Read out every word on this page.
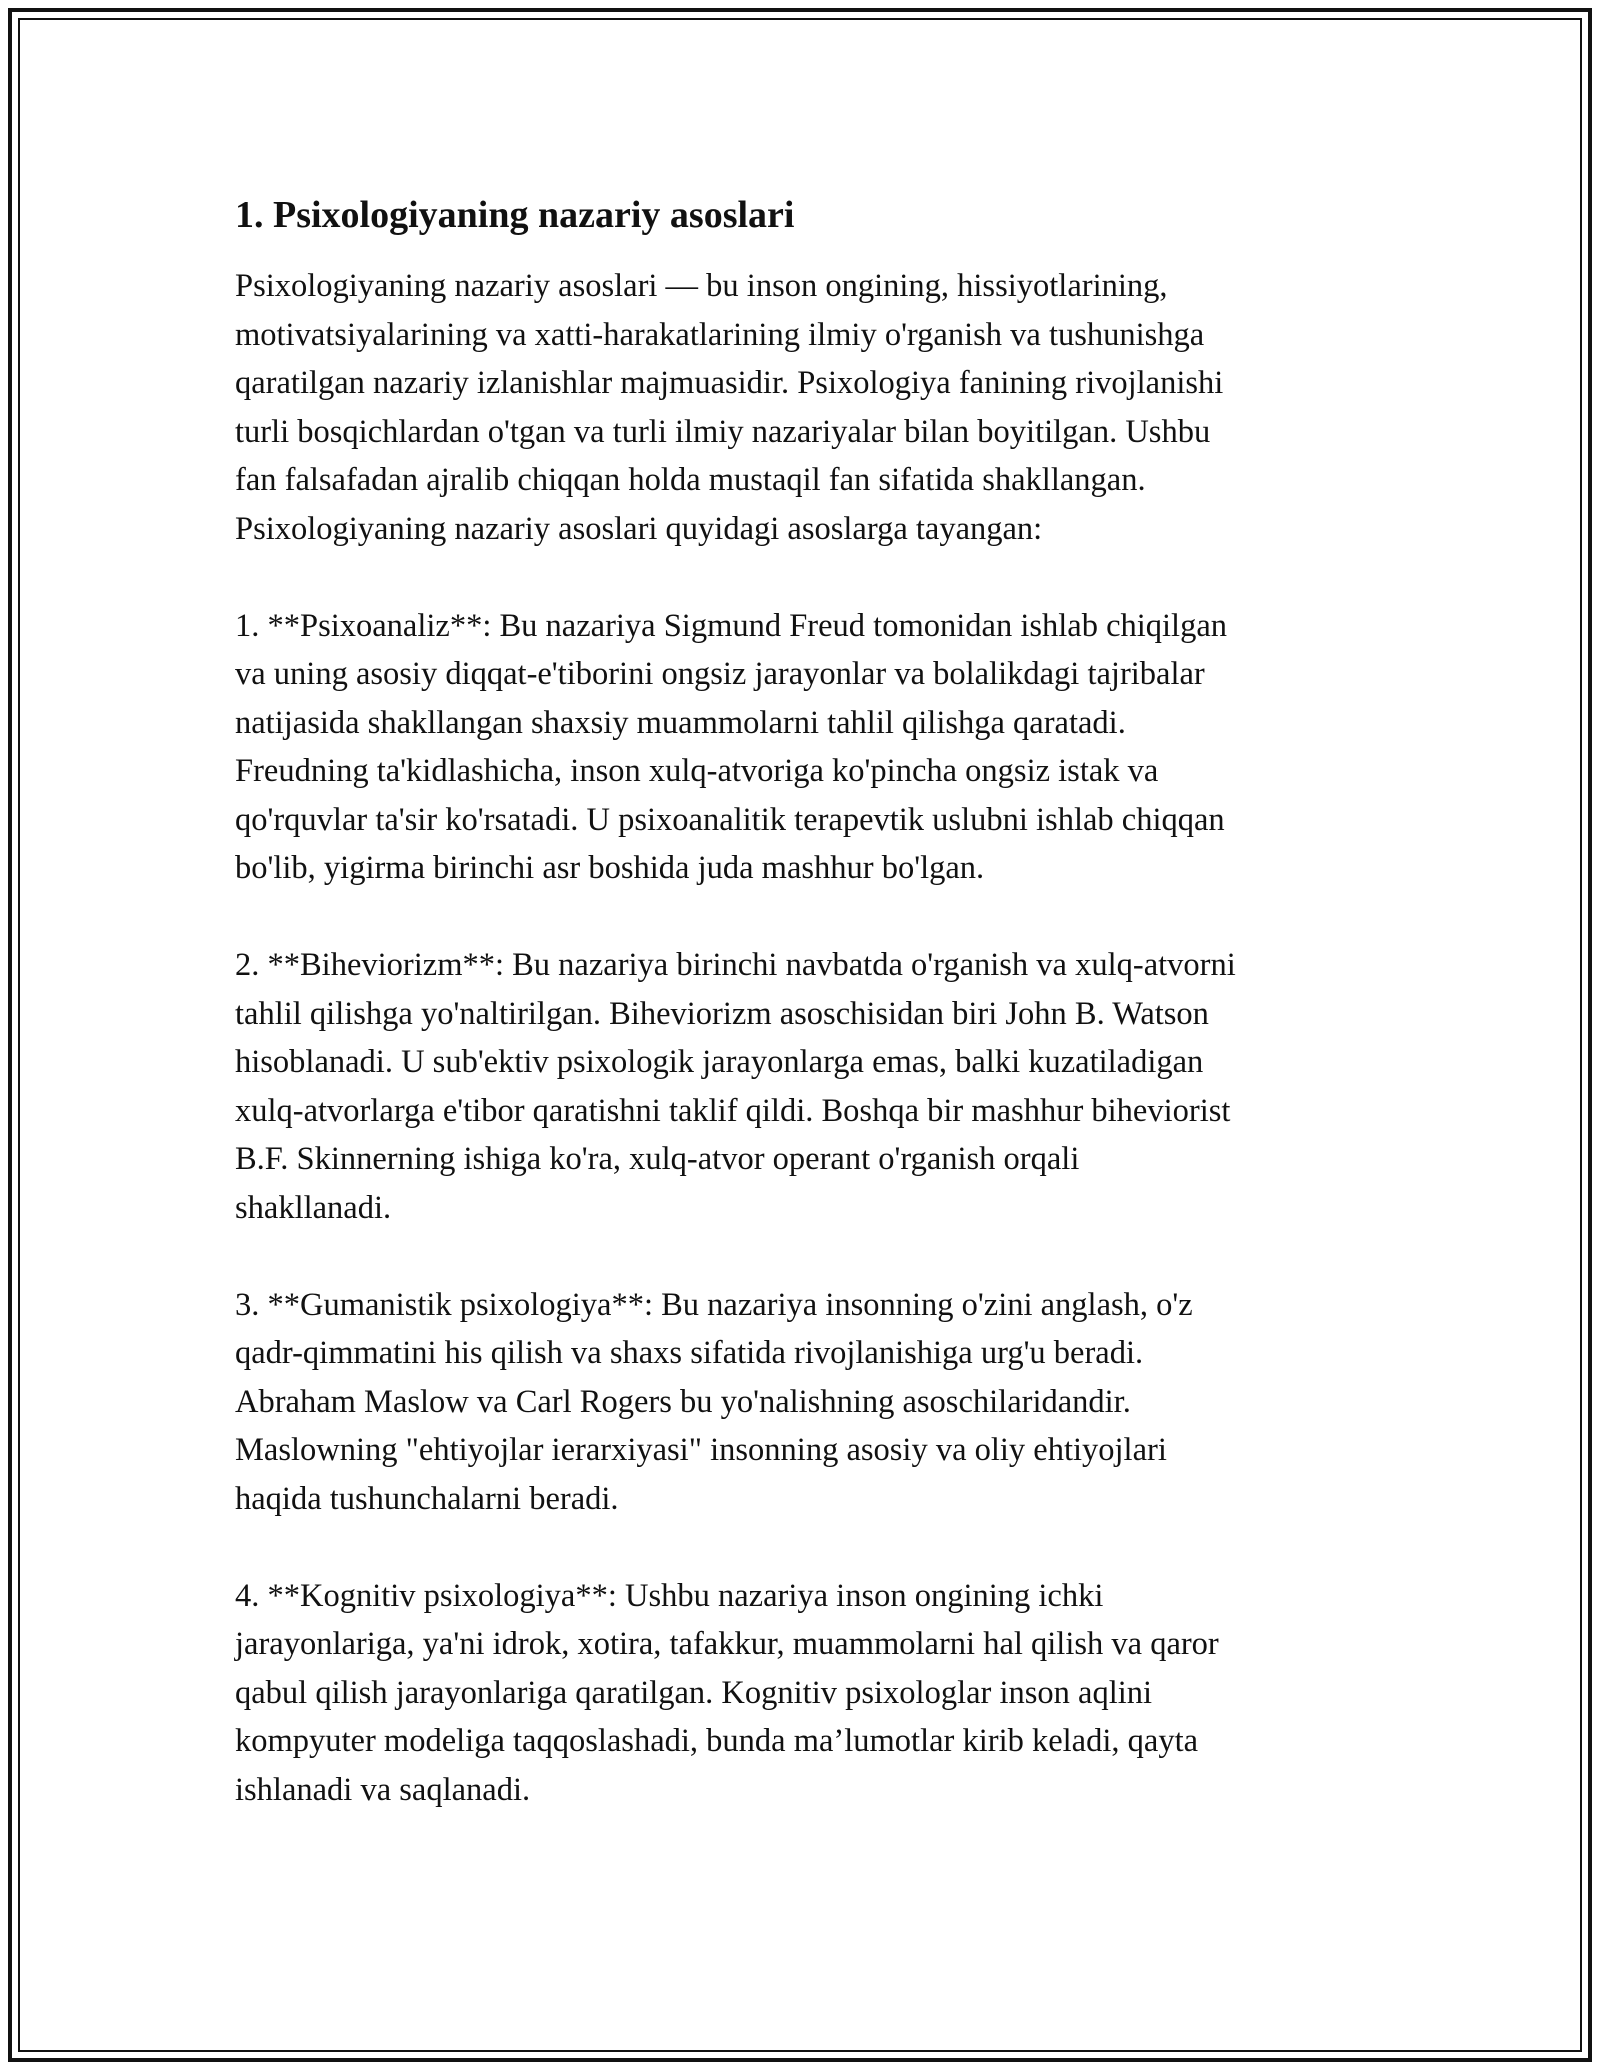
1. Psixologiyaning nazariy asoslari

Psixologiyaning nazariy asoslari — bu inson ongining, hissiyotlarining,
motivatsiyalarining va xatti-harakatlarining ilmiy o'rganish va tushunishga
qaratilgan nazariy izlanishlar majmuasidir. Psixologiya fanining rivojlanishi
turli bosqichlardan o'tgan va turli ilmiy nazariyalar bilan boyitilgan. Ushbu
fan falsafadan ajralib chiqqan holda mustaqil fan sifatida shakllangan.
Psixologiyaning nazariy asoslari quyidagi asoslarga tayangan:

1. **Psixoanaliz**: Bu nazariya Sigmund Freud tomonidan ishlab chiqilgan
va uning asosiy diqqat-e'tiborini ongsiz jarayonlar va bolalikdagi tajribalar
natijasida shakllangan shaxsiy muammolarni tahlil qilishga qaratadi.
Freudning ta'kidlashicha, inson xulq-atvoriga ko'pincha ongsiz istak va
qo'rquvlar ta'sir ko'rsatadi. U psixoanalitik terapevtik uslubni ishlab chiqqan
bo'lib, yigirma birinchi asr boshida juda mashhur bo'lgan.

2. **Biheviorizm**: Bu nazariya birinchi navbatda o'rganish va xulq-atvorni
tahlil qilishga yo'naltirilgan. Biheviorizm asoschisidan biri John B. Watson
hisoblanadi. U sub'ektiv psixologik jarayonlarga emas, balki kuzatiladigan
xulq-atvorlarga e'tibor qaratishni taklif qildi. Boshqa bir mashhur biheviorist
B.F. Skinnerning ishiga ko'ra, xulq-atvor operant o'rganish orqali
shakllanadi.

3. **Gumanistik psixologiya**: Bu nazariya insonning o'zini anglash, o'z
qadr-qimmatini his qilish va shaxs sifatida rivojlanishiga urg'u beradi.
Abraham Maslow va Carl Rogers bu yo'nalishning asoschilaridandir.
Maslowning "ehtiyojlar ierarxiyasi" insonning asosiy va oliy ehtiyojlari
haqida tushunchalarni beradi.

4. **Kognitiv psixologiya**: Ushbu nazariya inson ongining ichki
jarayonlariga, ya'ni idrok, xotira, tafakkur, muammolarni hal qilish va qaror
qabul qilish jarayonlariga qaratilgan. Kognitiv psixologlar inson aqlini
kompyuter modeliga taqqoslashadi, bunda ma’lumotlar kirib keladi, qayta
ishlanadi va saqlanadi.
